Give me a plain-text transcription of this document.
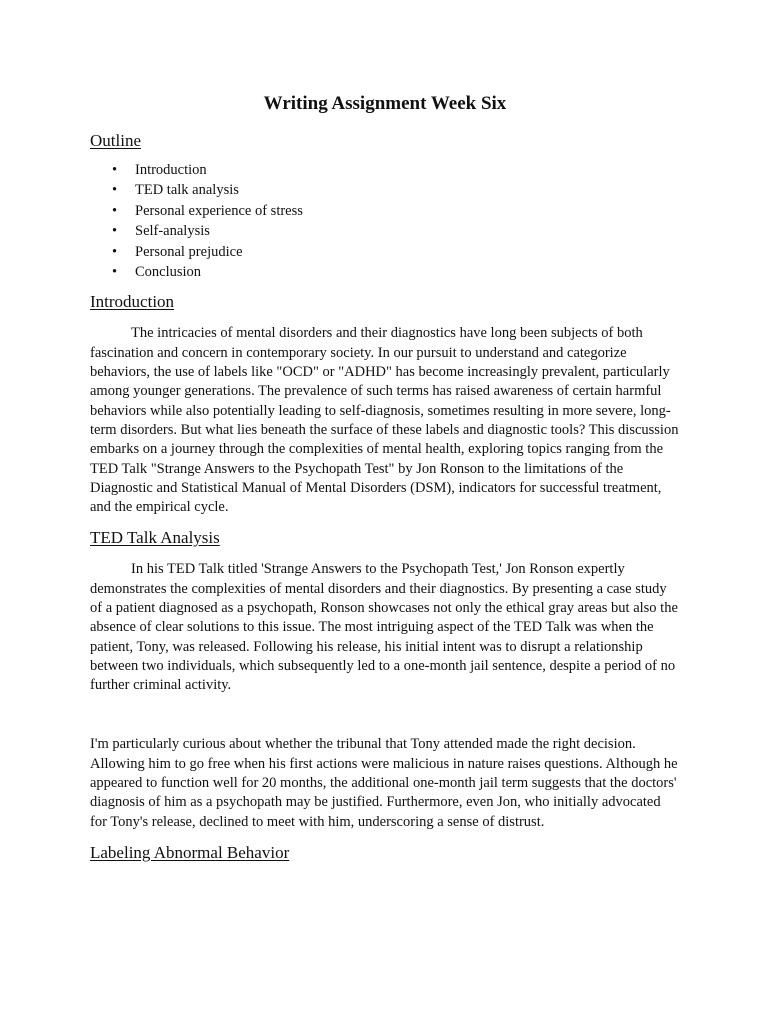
Writing Assignment Week Six
Outline
• Introduction
• TED talk analysis
• Personal experience of stress
• Self-analysis
• Personal prejudice
• Conclusion
Introduction

The intricacies of mental disorders and their diagnostics have long been subjects of both fascination and concern in contemporary society. In our pursuit to understand and categorize behaviors, the use of labels like "OCD" or "ADHD" has become increasingly prevalent, particularly among younger generations. The prevalence of such terms has raised awareness of certain harmful behaviors while also potentially leading to self-diagnosis, sometimes resulting in more severe, long-term disorders. But what lies beneath the surface of these labels and diagnostic tools? This discussion embarks on a journey through the complexities of mental health, exploring topics ranging from the TED Talk "Strange Answers to the Psychopath Test" by Jon Ronson to the limitations of the Diagnostic and Statistical Manual of Mental Disorders (DSM), indicators for successful treatment, and the empirical cycle.

TED Talk Analysis

In his TED Talk titled 'Strange Answers to the Psychopath Test,' Jon Ronson expertly demonstrates the complexities of mental disorders and their diagnostics. By presenting a case study of a patient diagnosed as a psychopath, Ronson showcases not only the ethical gray areas but also the absence of clear solutions to this issue. The most intriguing aspect of the TED Talk was when the patient, Tony, was released. Following his release, his initial intent was to disrupt a relationship between two individuals, which subsequently led to a one-month jail sentence, despite a period of no further criminal activity.

I'm particularly curious about whether the tribunal that Tony attended made the right decision. Allowing him to go free when his first actions were malicious in nature raises questions. Although he appeared to function well for 20 months, the additional one-month jail term suggests that the doctors' diagnosis of him as a psychopath may be justified. Furthermore, even Jon, who initially advocated for Tony's release, declined to meet with him, underscoring a sense of distrust.

Labeling Abnormal Behavior
